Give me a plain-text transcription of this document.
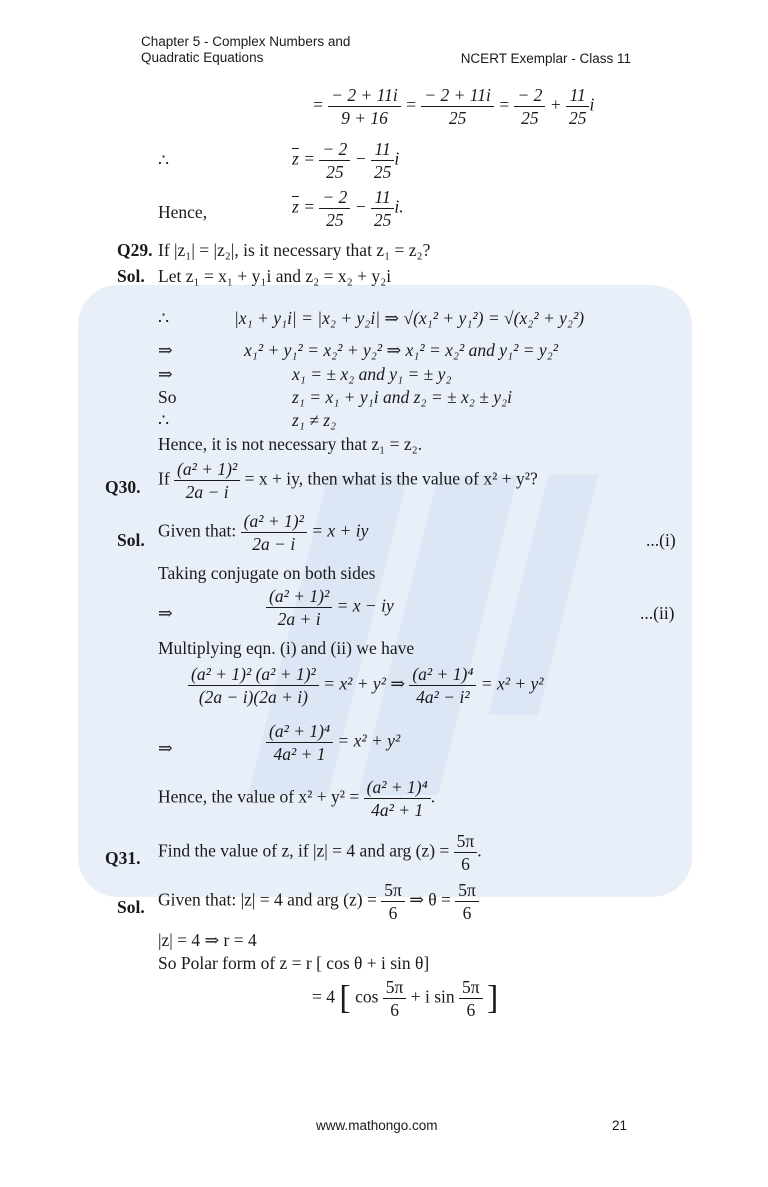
Chapter 5 - Complex Numbers and
Quadratic Equations	NCERT Exemplar - Class 11
= $\frac{- 2 + 11i}{9 + 16} = \frac{- 2 + 11i}{25} = \frac{- 2}{25} + \frac{11}{25}$ i
∴	$\overline{z} = \frac{- 2}{25} - \frac{11}{25}$ i
Hence,	$\overline{z} = \frac{- 2}{25} - \frac{11}{25} i$.
Q29. If |z₁| = |z₂|, is it necessary that z₁ = z₂?
Sol. Let z₁ = x₁ + y₁i and z₂ = x₂ + y₂i
∴	|x₁ + y₁i| = |x₂ + y₂i| ⇒ √(x₁² + y₁²) = √(x₂² + y₂²)
⇒	x₁² + y₁² = x₂² + y₂² ⇒ x₁² = x₂² and y₁² = y₂²
⇒	x₁ = ± x₂ and y₁ = ± y₂
So	z₁ = x₁ + y₁i and z₂ = ± x₂ ± y₂i
∴	z₁ ≠ z₂
Hence, it is not necessary that z₁ = z₂.
Q30. If $\frac{\text{(a² + 1)²}}{2a - i} = x$ + iy, then what is the value of x² + y²?
Sol. Given that: $\frac{\text{(a² + 1)²}}{2a - i} = x$ + iy	...(i)
Taking conjugate on both sides
⇒	$\frac{\text{(a² + 1)²}}{2a + i} = x$ − iy	...(ii)
Multiplying eqn. (i) and (ii) we have
$\frac{\text{(a² + 1)² (a² + 1)²}}{(2a - i)(2a + i)} = x^2 + y^2$ ⇒ $\frac{\text{(a² + 1)⁴}}{\text{4a² − i²}} = x^2 + y^2$
⇒	$\frac{\text{(a² + 1)⁴}}{\text{4a² + 1}} = x^2 + y^2$
Hence, the value of $x^2 + y^2 = \frac{\text{(a² + 1)⁴}}{\text{4a² + 1}}$ .
Q31. Find the value of z, if |z| = 4 and arg $(z) = \frac{5\pi}{6}$ .
Sol. Given that: |z| = 4 and arg $(z) = \frac{5\pi}{6}$ ⇒ $\theta = \frac{5\pi}{6}$
|z| = 4 ⇒ r = 4
So Polar form of z = r [ cos θ + i sin θ]
= 4 [ $\cos \frac{5\pi}{6} + i$ $\sin \frac{5\pi}{6}$ ]
www.mathongo.com	21
